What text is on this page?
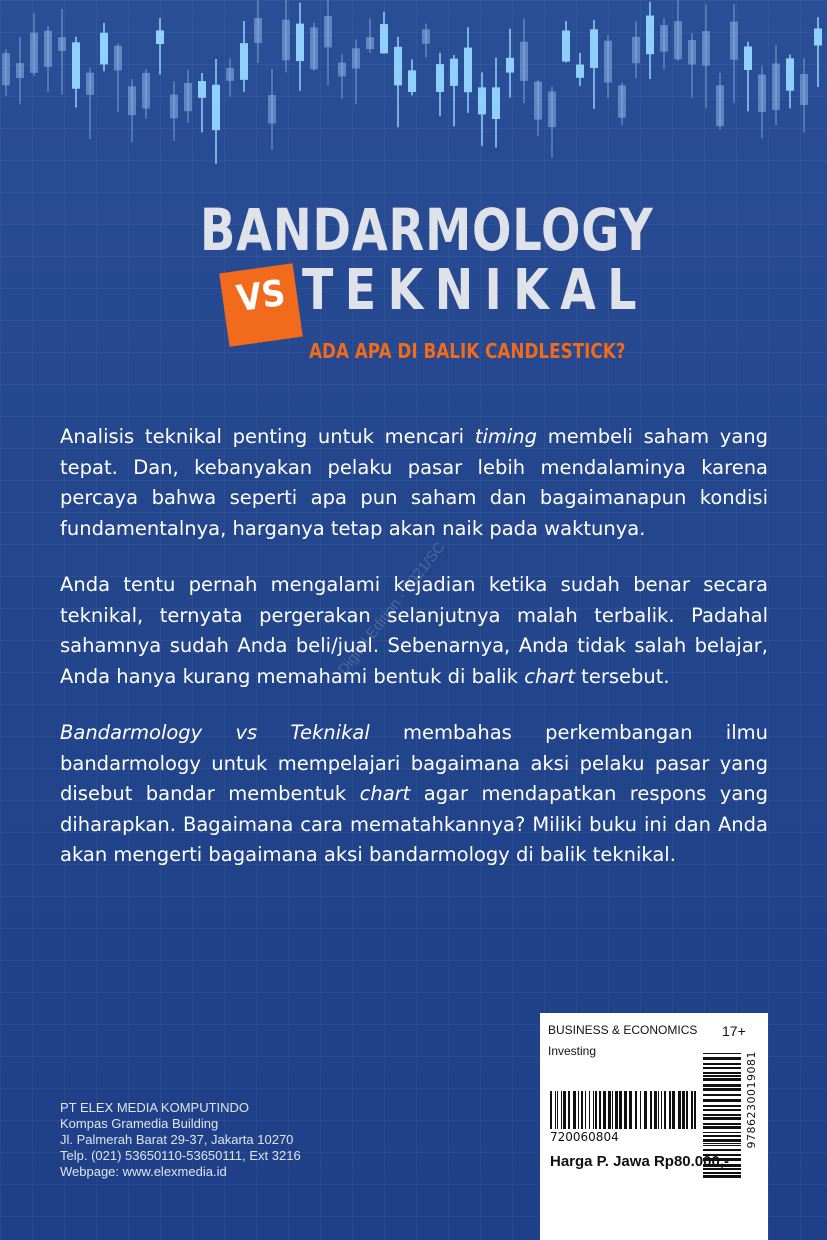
BANDARMOLOGY
VS TEKNIKAL
ADA APA DI BALIK CANDLESTICK?

Analisis teknikal penting untuk mencari timing membeli saham yang tepat. Dan, kebanyakan pelaku pasar lebih mendalaminya karena percaya bahwa seperti apa pun saham dan bagaimanapun kondisi fundamentalnya, harganya tetap akan naik pada waktunya.

Anda tentu pernah mengalami kejadian ketika sudah benar secara teknikal, ternyata pergerakan selanjutnya malah terbalik. Padahal sahamnya sudah Anda beli/jual. Sebenarnya, Anda tidak salah belajar, Anda hanya kurang memahami bentuk di balik chart tersebut.

Bandarmology vs Teknikal membahas perkembangan ilmu bandarmology untuk mempelajari bagaimana aksi pelaku pasar yang disebut bandar membentuk chart agar mendapatkan respons yang diharapkan. Bagaimana cara mematahkannya? Miliki buku ini dan Anda akan mengerti bagaimana aksi bandarmology di balik teknikal.

Digital Edition · 2021/SC
PT ELEX MEDIA KOMPUTINDO
Kompas Gramedia Building
Jl. Palmerah Barat 29-37, Jakarta 10270
Telp. (021) 53650110-53650111, Ext 3216
Webpage: www.elexmedia.id
BUSINESS & ECONOMICS 17+
Investing
720060804	9786230019081
Harga P. Jawa Rp80.000,-
